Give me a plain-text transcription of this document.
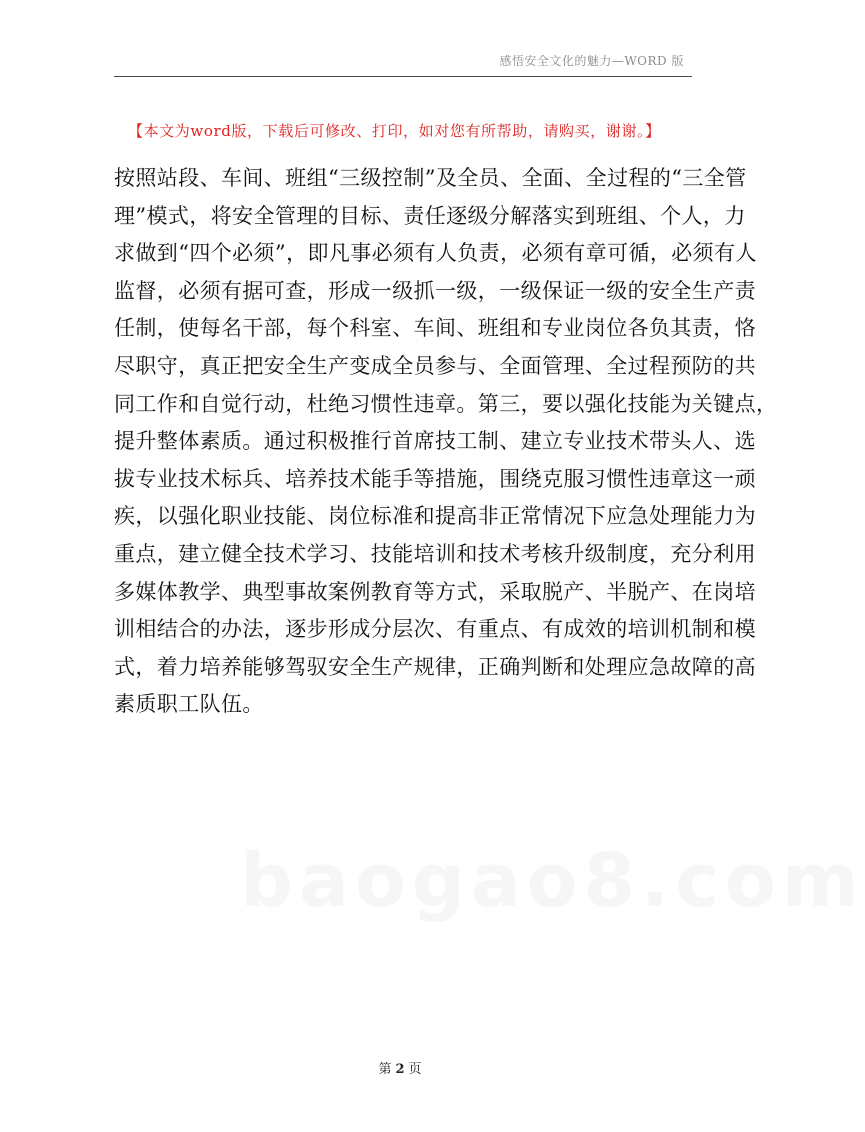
感悟安全文化的魅力—WORD 版
【本文为word版，下载后可修改、打印，如对您有所帮助，请购买，谢谢。】
按照站段、车间、班组“三级控制”及全员、全面、全过程的“三全管
理”模式，将安全管理的目标、责任逐级分解落实到班组、个人，力
求做到“四个必须”，即凡事必须有人负责，必须有章可循，必须有人
监督，必须有据可查，形成一级抓一级，一级保证一级的安全生产责
任制，使每名干部，每个科室、车间、班组和专业岗位各负其责，恪
尽职守，真正把安全生产变成全员参与、全面管理、全过程预防的共
同工作和自觉行动，杜绝习惯性违章。第三，要以强化技能为关键点，
提升整体素质。通过积极推行首席技工制、建立专业技术带头人、选
拔专业技术标兵、培养技术能手等措施，围绕克服习惯性违章这一顽
疾，以强化职业技能、岗位标准和提高非正常情况下应急处理能力为
重点，建立健全技术学习、技能培训和技术考核升级制度，充分利用
多媒体教学、典型事故案例教育等方式，采取脱产、半脱产、在岗培
训相结合的办法，逐步形成分层次、有重点、有成效的培训机制和模
式，着力培养能够驾驭安全生产规律，正确判断和处理应急故障的高
素质职工队伍。
baogao8.com
第 2 页
